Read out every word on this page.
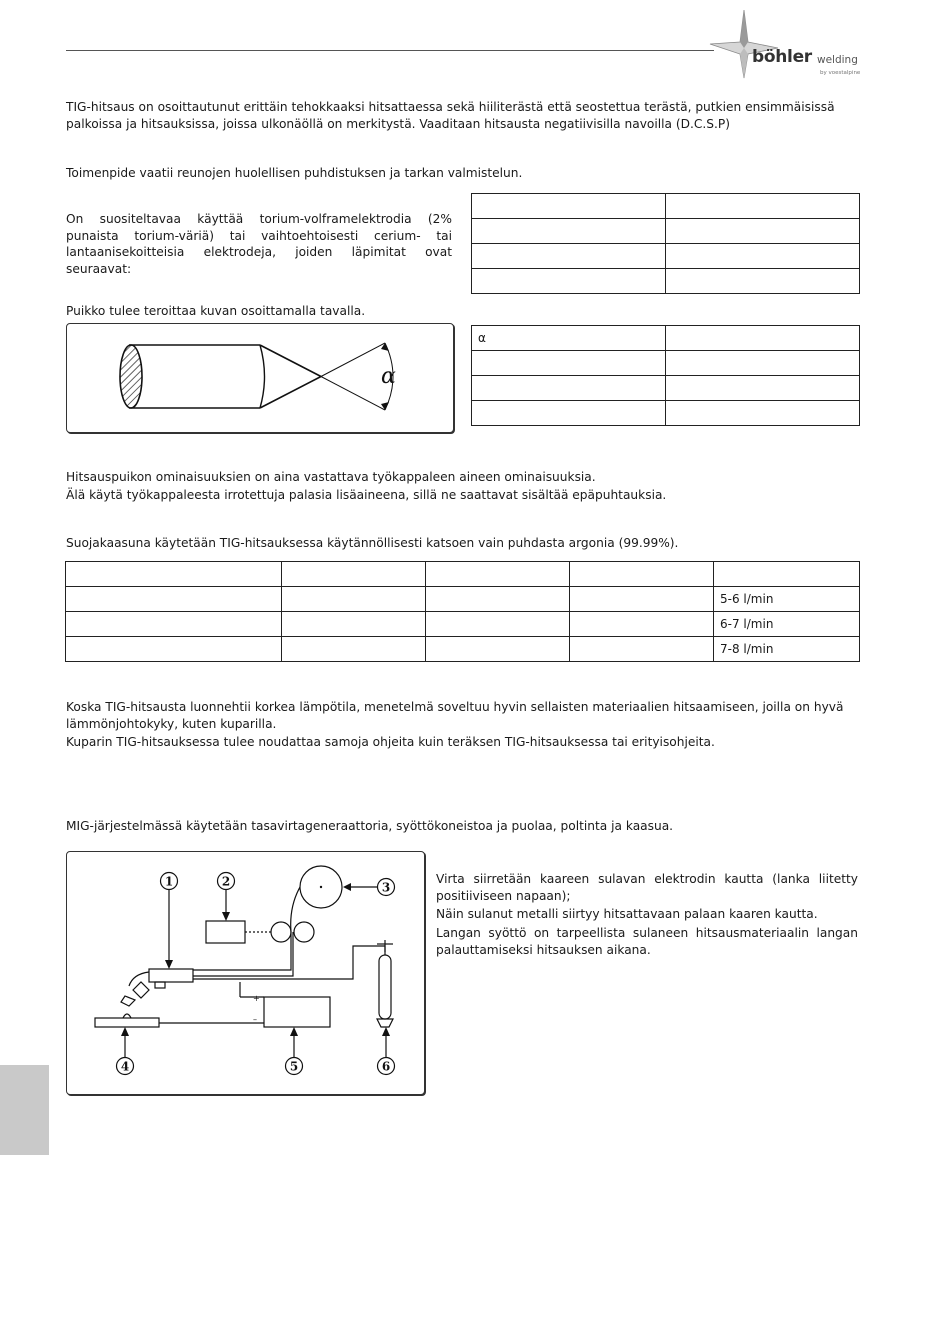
böhler welding
by voestalpine
TIG-hitsaus on osoittautunut erittäin tehokkaaksi hitsattaessa sekä hiiliterästä että seostettua terästä, putkien ensimmäisissä palkoissa ja hitsauksissa, joissa ulkonäöllä on merkitystä. Vaaditaan hitsausta negatiivisilla navoilla (D.C.S.P)
Toimenpide vaatii reunojen huolellisen puhdistuksen ja tarkan valmistelun.
On suositeltavaa käyttää torium-volframelektrodia (2% punaista torium-väriä) tai vaihtoehtoisesti cerium- tai lantaanisekoitteisia elektrodeja, joiden läpimitat ovat seuraavat:

Puikko tulee teroittaa kuvan osoittamalla tavalla.
α
α	

Hitsauspuikon ominaisuuksien on aina vastattava työkappaleen aineen ominaisuuksia.
Älä käytä työkappaleesta irrotettuja palasia lisäaineena, sillä ne saattavat sisältää epäpuhtauksia.
Suojakaasuna käytetään TIG-hitsauksessa käytännöllisesti katsoen vain puhdasta argonia (99.99%).

				5-6 l/min
				6-7 l/min
				7-8 l/min
Koska TIG-hitsausta luonnehtii korkea lämpötila, menetelmä soveltuu hyvin sellaisten materiaalien hitsaamiseen, joilla on hyvä lämmönjohtokyky, kuten kuparilla.
Kuparin TIG-hitsauksessa tulee noudattaa samoja ohjeita kuin teräksen TIG-hitsauksessa tai erityisohjeita.
MIG-järjestelmässä käytetään tasavirtageneraattoria, syöttökoneistoa ja puolaa, poltinta ja kaasua.
1	2	3
4	5	6
+
–
Virta siirretään kaareen sulavan elektrodin kautta (lanka liitetty positiiviseen napaan);
Näin sulanut metalli siirtyy hitsattavaan palaan kaaren kautta.
Langan syöttö on tarpeellista sulaneen hitsausmateriaalin langan palauttamiseksi hitsauksen aikana.
